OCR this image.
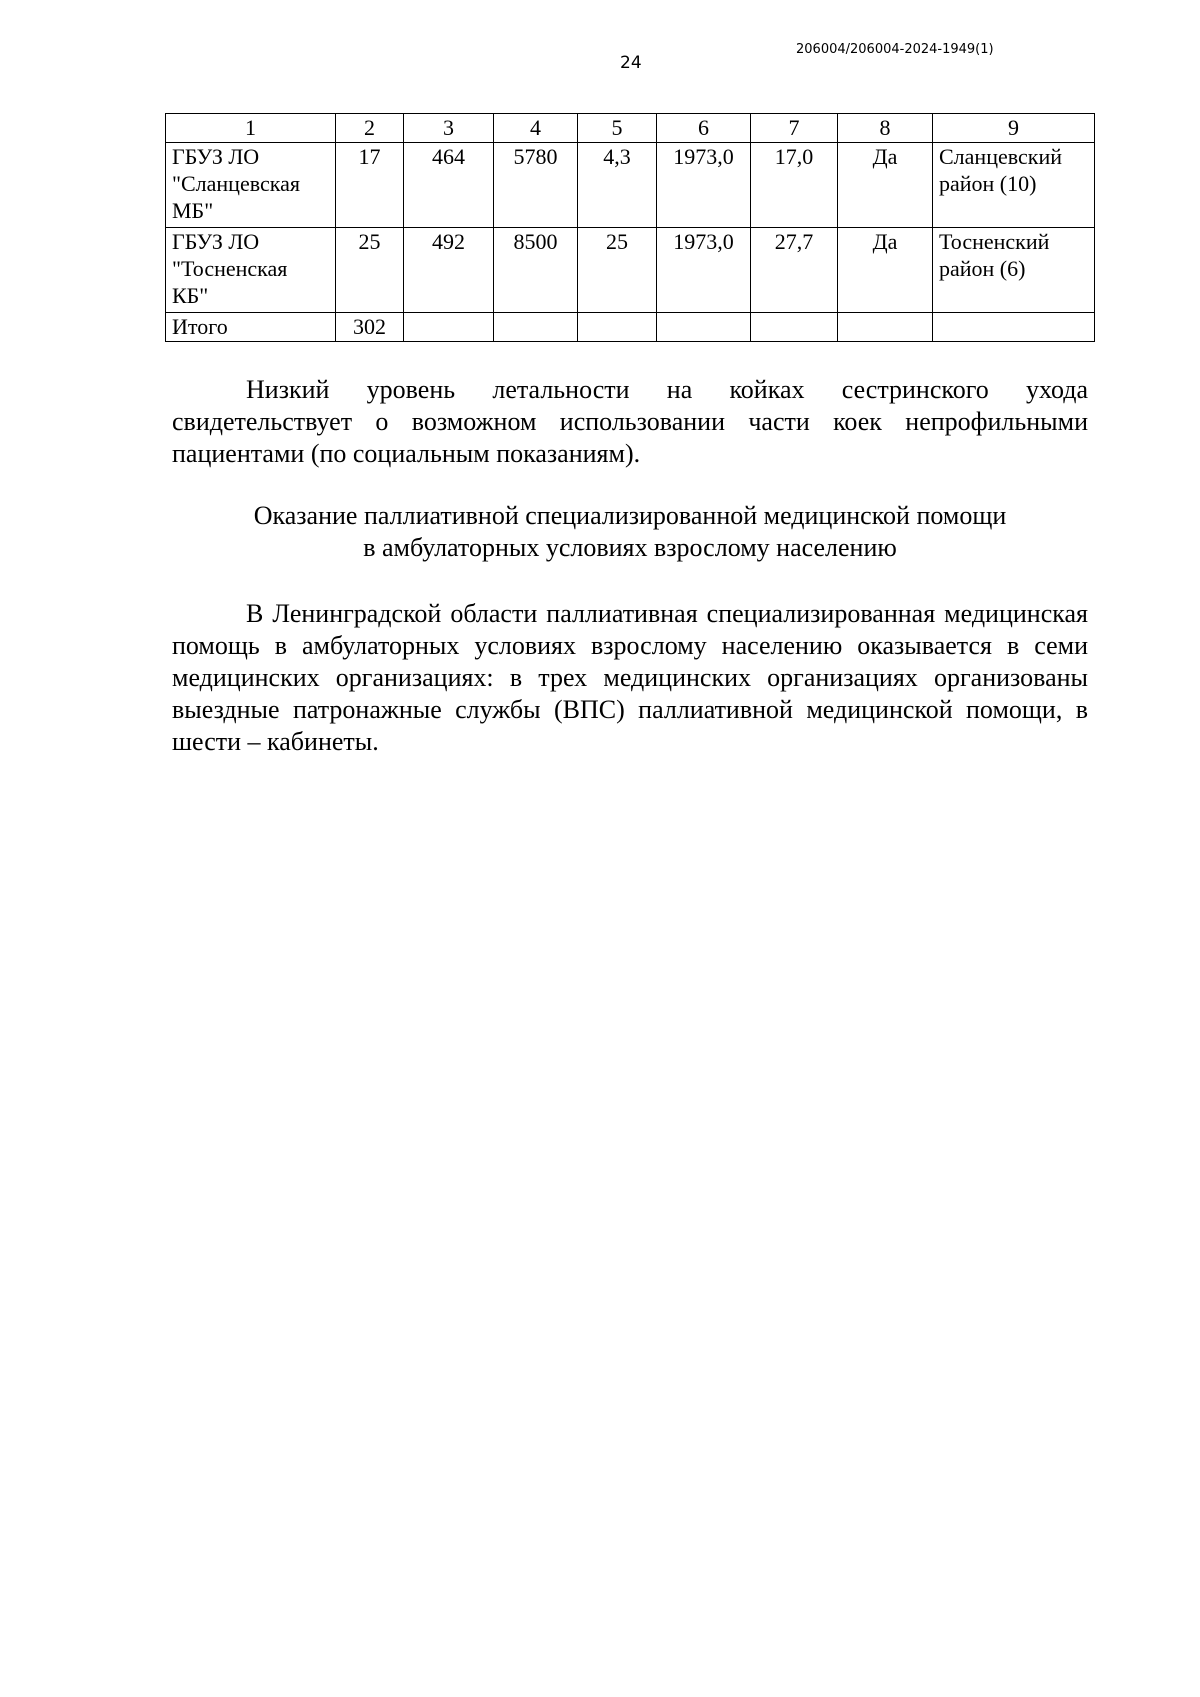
206004/206004-2024-1949(1)
24
1	2	3	4	5	6	7	8	9
ГБУЗ ЛО "Сланцевская МБ"	17	464	5780	4,3	1973,0	17,0	Да	Сланцевский район (10)
ГБУЗ ЛО "Тосненская КБ"	25	492	8500	25	1973,0	27,7	Да	Тосненский район (6)
Итого	302							

Низкий уровень летальности на койках сестринского ухода свидетельствует о возможном использовании части коек непрофильными пациентами (по социальным показаниям).

Оказание паллиативной специализированной медицинской помощи
в амбулаторных условиях взрослому населению

В Ленинградской области паллиативная специализированная медицинская помощь в амбулаторных условиях взрослому населению оказывается в семи медицинских организациях: в трех медицинских организациях организованы выездные патронажные службы (ВПС) паллиативной медицинской помощи, в шести – кабинеты.
